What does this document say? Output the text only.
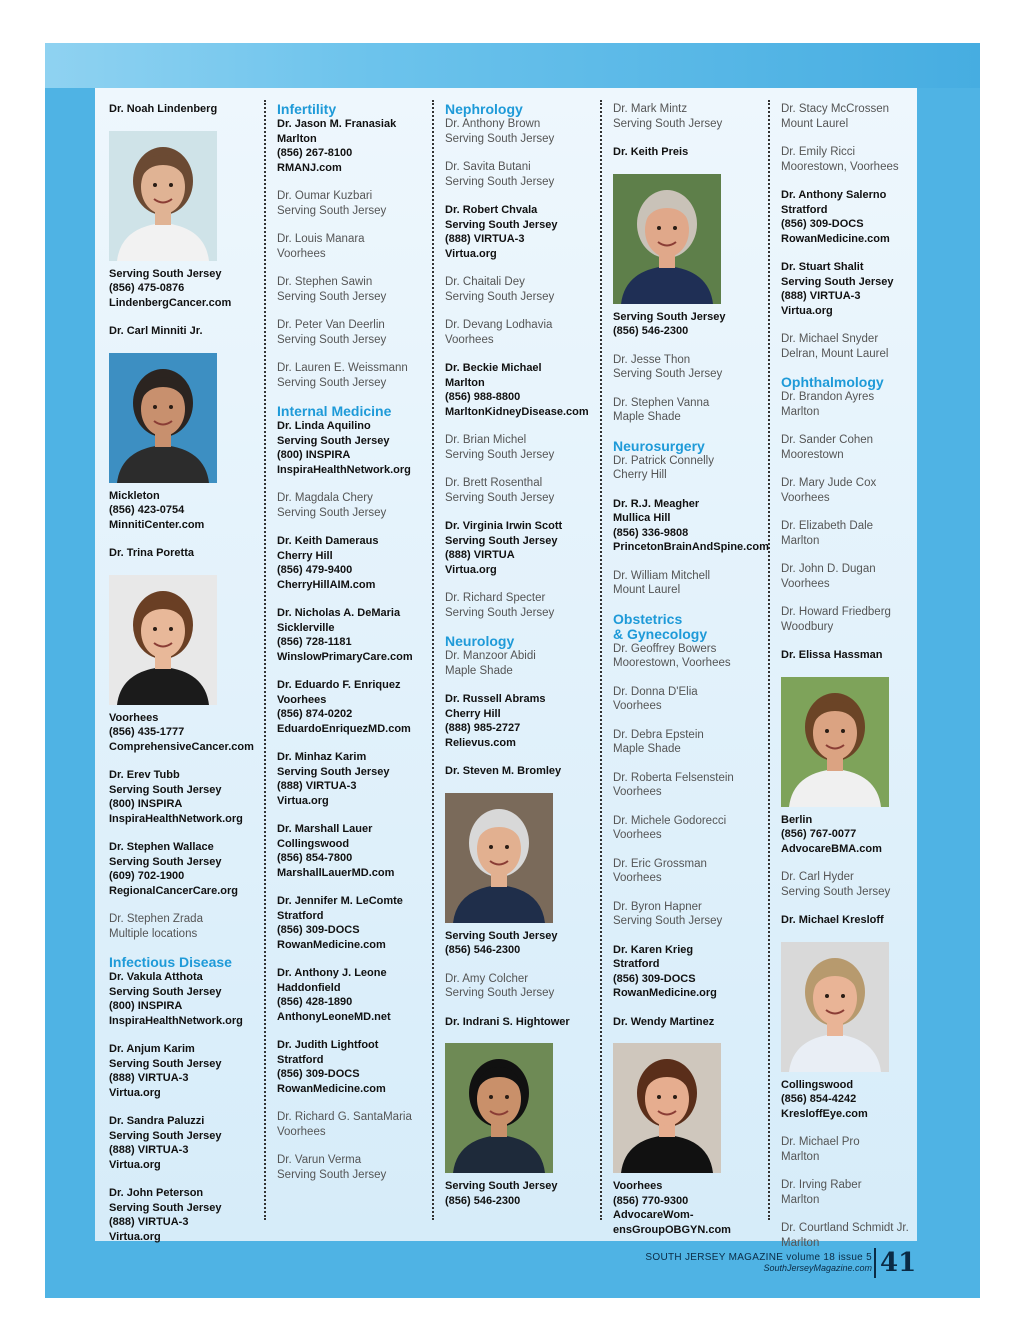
Dr. Noah Lindenberg
Serving South Jersey
(856) 475-0876
LindenbergCancer.com
Dr. Carl Minniti Jr.
Mickleton
(856) 423-0754
MinnitiCenter.com
Dr. Trina Poretta
Voorhees
(856) 435-1777
ComprehensiveCancer.com
Dr. Erev Tubb
Serving South Jersey
(800) INSPIRA
InspiraHealthNetwork.org
Dr. Stephen Wallace
Serving South Jersey
(609) 702-1900
RegionalCancerCare.org
Dr. Stephen Zrada
Multiple locations
Infectious Disease
Dr. Vakula Atthota
Serving South Jersey
(800) INSPIRA
InspiraHealthNetwork.org
Dr. Anjum Karim
Serving South Jersey
(888) VIRTUA-3
Virtua.org
Dr. Sandra Paluzzi
Serving South Jersey
(888) VIRTUA-3
Virtua.org
Dr. John Peterson
Serving South Jersey
(888) VIRTUA-3
Virtua.org
Infertility
Dr. Jason M. Franasiak
Marlton
(856) 267-8100
RMANJ.com
Dr. Oumar Kuzbari
Serving South Jersey
Dr. Louis Manara
Voorhees
Dr. Stephen Sawin
Serving South Jersey
Dr. Peter Van Deerlin
Serving South Jersey
Dr. Lauren E. Weissmann
Serving South Jersey
Internal Medicine
Dr. Linda Aquilino
Serving South Jersey
(800) INSPIRA
InspiraHealthNetwork.org
Dr. Magdala Chery
Serving South Jersey
Dr. Keith Dameraus
Cherry Hill
(856) 479-9400
CherryHillAIM.com
Dr. Nicholas A. DeMaria
Sicklerville
(856) 728-1181
WinslowPrimaryCare.com
Dr. Eduardo F. Enriquez
Voorhees
(856) 874-0202
EduardoEnriquezMD.com
Dr. Minhaz Karim
Serving South Jersey
(888) VIRTUA-3
Virtua.org
Dr. Marshall Lauer
Collingswood
(856) 854-7800
MarshallLauerMD.com
Dr. Jennifer M. LeComte
Stratford
(856) 309-DOCS
RowanMedicine.com
Dr. Anthony J. Leone
Haddonfield
(856) 428-1890
AnthonyLeoneMD.net
Dr. Judith Lightfoot
Stratford
(856) 309-DOCS
RowanMedicine.com
Dr. Richard G. SantaMaria
Voorhees
Dr. Varun Verma
Serving South Jersey
Nephrology
Dr. Anthony Brown
Serving South Jersey
Dr. Savita Butani
Serving South Jersey
Dr. Robert Chvala
Serving South Jersey
(888) VIRTUA-3
Virtua.org
Dr. Chaitali Dey
Serving South Jersey
Dr. Devang Lodhavia
Voorhees
Dr. Beckie Michael
Marlton
(856) 988-8800
MarltonKidneyDisease.com
Dr. Brian Michel
Serving South Jersey
Dr. Brett Rosenthal
Serving South Jersey
Dr. Virginia Irwin Scott
Serving South Jersey
(888) VIRTUA
Virtua.org
Dr. Richard Specter
Serving South Jersey
Neurology
Dr. Manzoor Abidi
Maple Shade
Dr. Russell Abrams
Cherry Hill
(888) 985-2727
Relievus.com
Dr. Steven M. Bromley
Serving South Jersey
(856) 546-2300
Dr. Amy Colcher
Serving South Jersey
Dr. Indrani S. Hightower
Serving South Jersey
(856) 546-2300
Dr. Mark Mintz
Serving South Jersey
Dr. Keith Preis
Serving South Jersey
(856) 546-2300
Dr. Jesse Thon
Serving South Jersey
Dr. Stephen Vanna
Maple Shade
Neurosurgery
Dr. Patrick Connelly
Cherry Hill
Dr. R.J. Meagher
Mullica Hill
(856) 336-9808
PrincetonBrainAndSpine.com
Dr. William Mitchell
Mount Laurel
Obstetrics
& Gynecology
Dr. Geoffrey Bowers
Moorestown, Voorhees
Dr. Donna D'Elia
Voorhees
Dr. Debra Epstein
Maple Shade
Dr. Roberta Felsenstein
Voorhees
Dr. Michele Godorecci
Voorhees
Dr. Eric Grossman
Voorhees
Dr. Byron Hapner
Serving South Jersey
Dr. Karen Krieg
Stratford
(856) 309-DOCS
RowanMedicine.org
Dr. Wendy Martinez
Voorhees
(856) 770-9300
AdvocareWom-
ensGroupOBGYN.com
Dr. Stacy McCrossen
Mount Laurel
Dr. Emily Ricci
Moorestown, Voorhees
Dr. Anthony Salerno
Stratford
(856) 309-DOCS
RowanMedicine.com
Dr. Stuart Shalit
Serving South Jersey
(888) VIRTUA-3
Virtua.org
Dr. Michael Snyder
Delran, Mount Laurel
Ophthalmology
Dr. Brandon Ayres
Marlton
Dr. Sander Cohen
Moorestown
Dr. Mary Jude Cox
Voorhees
Dr. Elizabeth Dale
Marlton
Dr. John D. Dugan
Voorhees
Dr. Howard Friedberg
Woodbury
Dr. Elissa Hassman
Berlin
(856) 767-0077
AdvocareBMA.com
Dr. Carl Hyder
Serving South Jersey
Dr. Michael Kresloff
Collingswood
(856) 854-4242
KresloffEye.com
Dr. Michael Pro
Marlton
Dr. Irving Raber
Marlton
Dr. Courtland Schmidt Jr.
Marlton
SOUTH JERSEY MAGAZINE volume 18 issue 5
SouthJerseyMagazine.com 41
